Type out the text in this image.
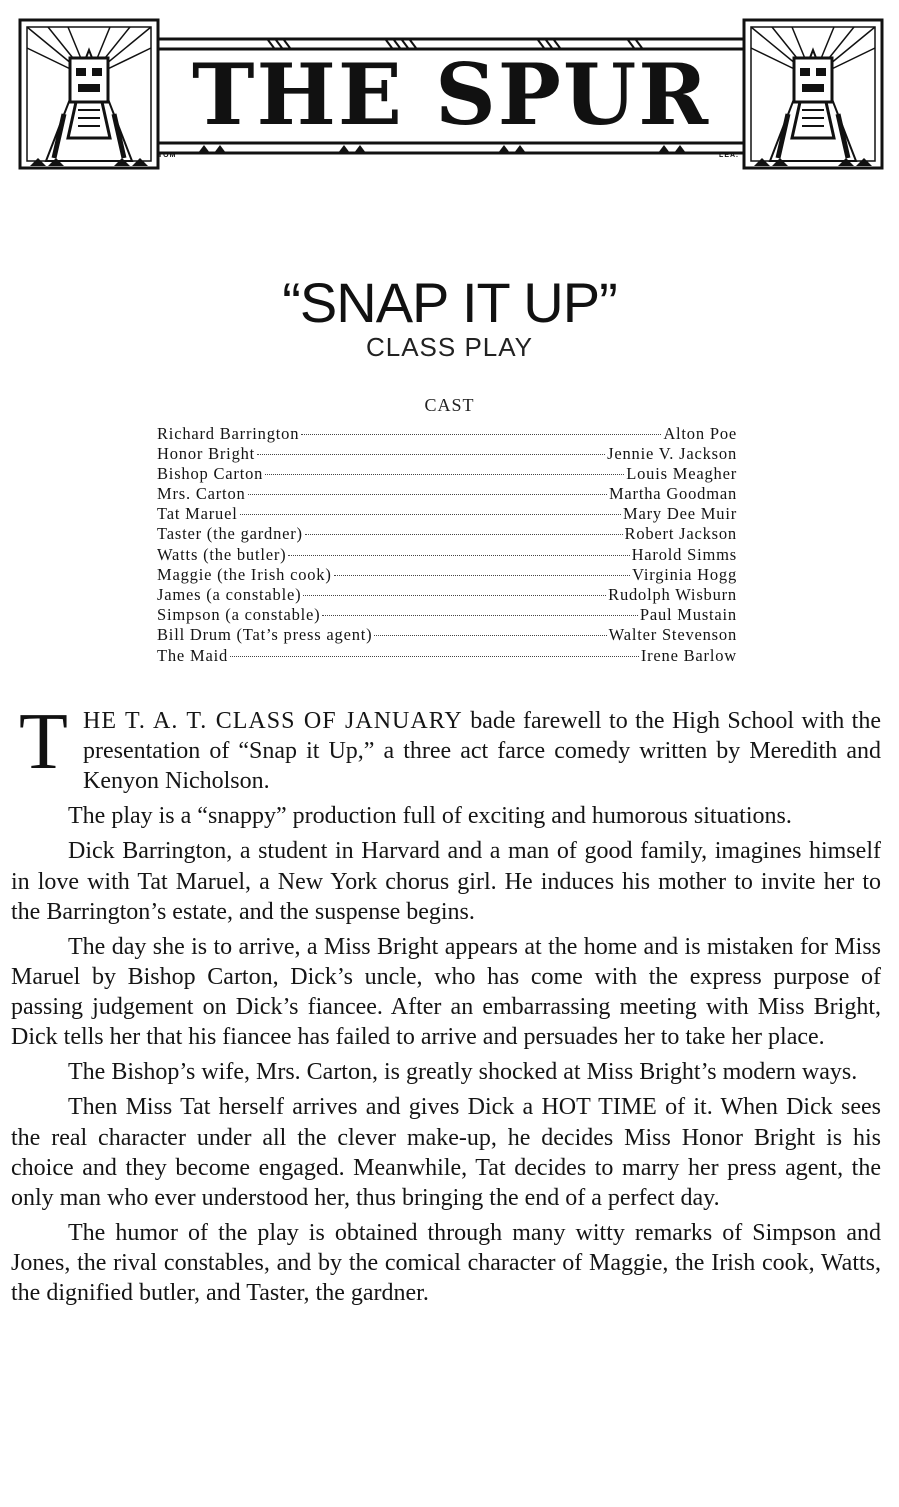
THE SPUR
TOM	LEA.
“SNAP IT UP”
CLASS PLAY
CAST
Richard Barrington	Alton Poe
Honor Bright	Jennie V. Jackson
Bishop Carton	Louis Meagher
Mrs. Carton	Martha Goodman
Tat Maruel	Mary Dee Muir
Taster (the gardner)	Robert Jackson
Watts (the butler)	Harold Simms
Maggie (the Irish cook)	Virginia Hogg
James (a constable)	Rudolph Wisburn
Simpson (a constable)	Paul Mustain
Bill Drum (Tat’s press agent)	Walter Stevenson
The Maid	Irene Barlow

T HE T. A. T. CLASS OF JANUARY bade farewell to the High School with the presentation of “Snap it Up,” a three act farce comedy written by Meredith and Kenyon Nicholson.

The play is a “snappy” production full of exciting and humorous situations.

Dick Barrington, a student in Harvard and a man of good family, imagines himself in love with Tat Maruel, a New York chorus girl. He induces his mother to invite her to the Barrington’s estate, and the suspense begins.

The day she is to arrive, a Miss Bright appears at the home and is mistaken for Miss Maruel by Bishop Carton, Dick’s uncle, who has come with the express purpose of passing judgement on Dick’s fiancee. After an embarrassing meeting with Miss Bright, Dick tells her that his fiancee has failed to arrive and persuades her to take her place.

The Bishop’s wife, Mrs. Carton, is greatly shocked at Miss Bright’s modern ways.

Then Miss Tat herself arrives and gives Dick a HOT TIME of it. When Dick sees the real character under all the clever make-up, he decides Miss Honor Bright is his choice and they become engaged. Meanwhile, Tat decides to marry her press agent, the only man who ever understood her, thus bringing the end of a perfect day.

The humor of the play is obtained through many witty remarks of Simpson and Jones, the rival constables, and by the comical character of Maggie, the Irish cook, Watts, the dignified butler, and Taster, the gardner.
